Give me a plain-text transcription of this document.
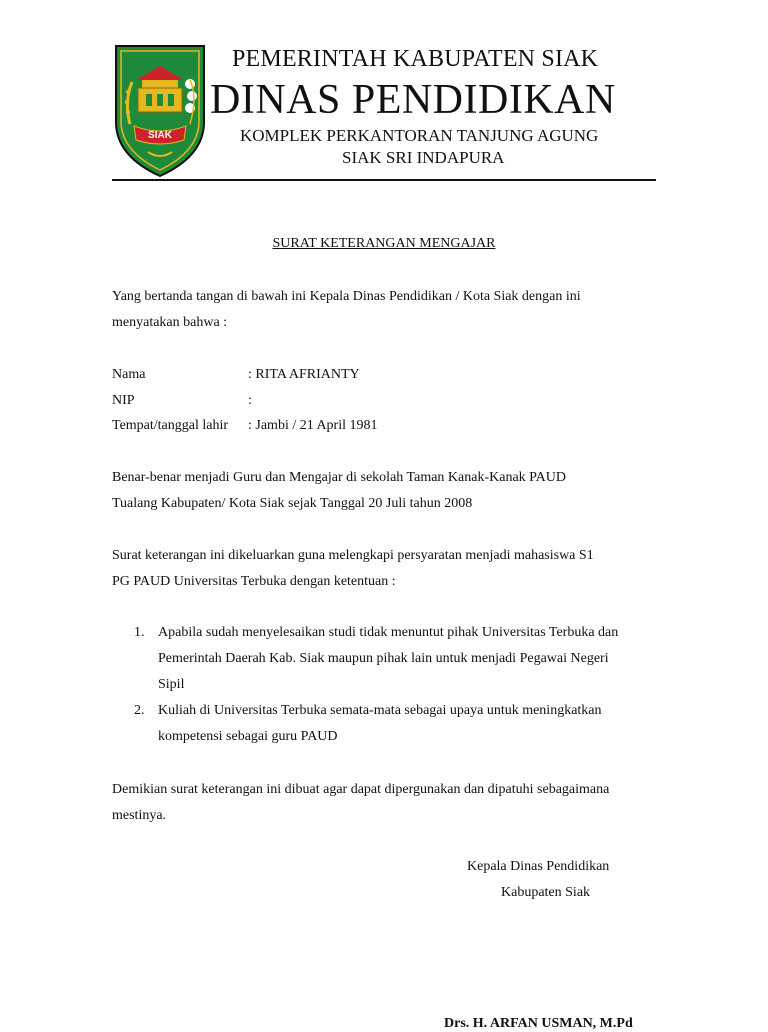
SIAK
PEMERINTAH KABUPATEN SIAK
DINAS PENDIDIKAN
KOMPLEK PERKANTORAN TANJUNG AGUNG
SIAK SRI INDAPURA
SURAT KETERANGAN MENGAJAR
Yang bertanda tangan di bawah ini Kepala Dinas Pendidikan / Kota Siak dengan ini
menyatakan bahwa :
Nama	: RITA AFRIANTY
NIP	:
Tempat/tanggal lahir : Jambi / 21 April 1981
Benar-benar menjadi Guru dan Mengajar di sekolah Taman Kanak-Kanak PAUD
Tualang Kabupaten/ Kota Siak sejak Tanggal 20 Juli tahun 2008
Surat keterangan ini dikeluarkan guna melengkapi persyaratan menjadi mahasiswa S1
PG PAUD Universitas Terbuka dengan ketentuan :
1. Apabila sudah menyelesaikan studi tidak menuntut pihak Universitas Terbuka dan
Pemerintah Daerah Kab. Siak maupun pihak lain untuk menjadi Pegawai Negeri
Sipil
2. Kuliah di Universitas Terbuka semata-mata sebagai upaya untuk meningkatkan
kompetensi sebagai guru PAUD
Demikian surat keterangan ini dibuat agar dapat dipergunakan dan dipatuhi sebagaimana
mestinya.
Kepala Dinas Pendidikan
Kabupaten Siak
Drs. H. ARFAN USMAN, M.Pd
